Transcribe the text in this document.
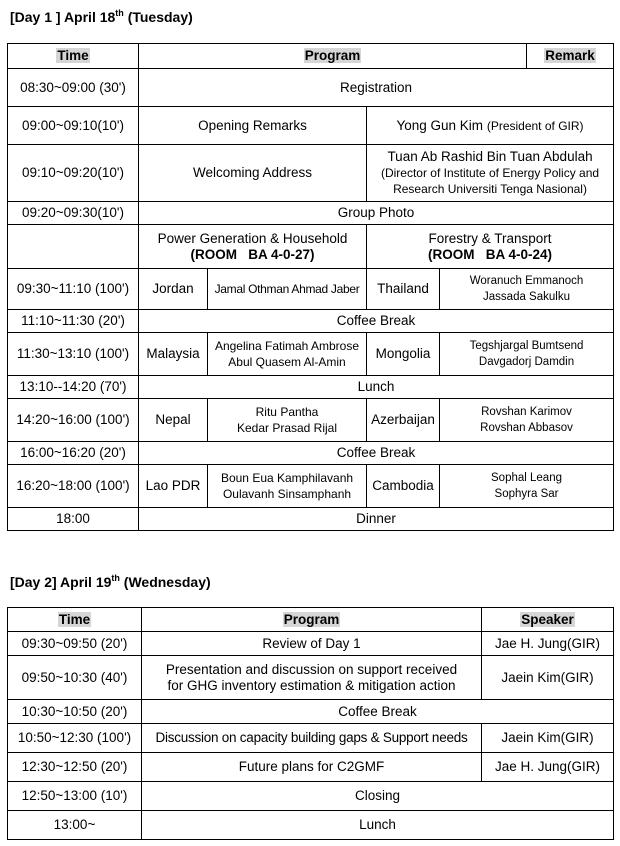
[Day 1 ] April 18th (Tuesday)
Time	Program				Remark
08:30~09:00 (30')	Registration				
09:00~09:10(10')	Opening Remarks		Yong Gun Kim (President of GIR)		
09:10~09:20(10')	Welcoming Address		Tuan Ab Rashid Bin Tuan Abdulah
(Director of Institute of Energy Policy and
Research Universiti Tenga Nasional)		

09:20~09:30(10')	Group Photo				

	Power Generation & Household
(ROOM   BA 4-0-27)		Forestry & Transport
(ROOM   BA 4-0-24)		

09:30~11:10 (100')	Jordan	Jamal Othman Ahmad Jaber	Thailand	Woranuch Emmanoch
Jassada Sakulku	

11:10~11:30 (20')	Coffee Break				
11:30~13:10 (100')	Malaysia	Angelina Fatimah Ambrose
Abul Quasem Al-Amin	Mongolia	Tegshjargal Bumtsend
Davgadorj Damdin	

13:10--14:20 (70')	Lunch				
14:20~16:00 (100')	Nepal	Ritu Pantha
Kedar Prasad Rijal	Azerbaijan	Rovshan Karimov
Rovshan Abbasov	

16:00~16:20 (20')	Coffee Break				
16:20~18:00 (100')	Lao PDR	Boun Eua Kamphilavanh
Oulavanh Sinsamphanh	Cambodia	Sophal Leang
Sophyra Sar	

18:00	Dinner				
[Day 2] April 19th (Wednesday)
Time	Program	Speaker
09:30~09:50 (20')	Review of Day 1	Jae H. Jung(GIR)
09:50~10:30 (40')	Presentation and discussion on support received
for GHG inventory estimation & mitigation action	Jaein Kim(GIR)
10:30~10:50 (20')	Coffee Break	
10:50~12:30 (100')	Discussion on capacity building gaps & Support needs	Jaein Kim(GIR)
12:30~12:50 (20')	Future plans for C2GMF	Jae H. Jung(GIR)
12:50~13:00 (10')	Closing	
13:00~	Lunch	
